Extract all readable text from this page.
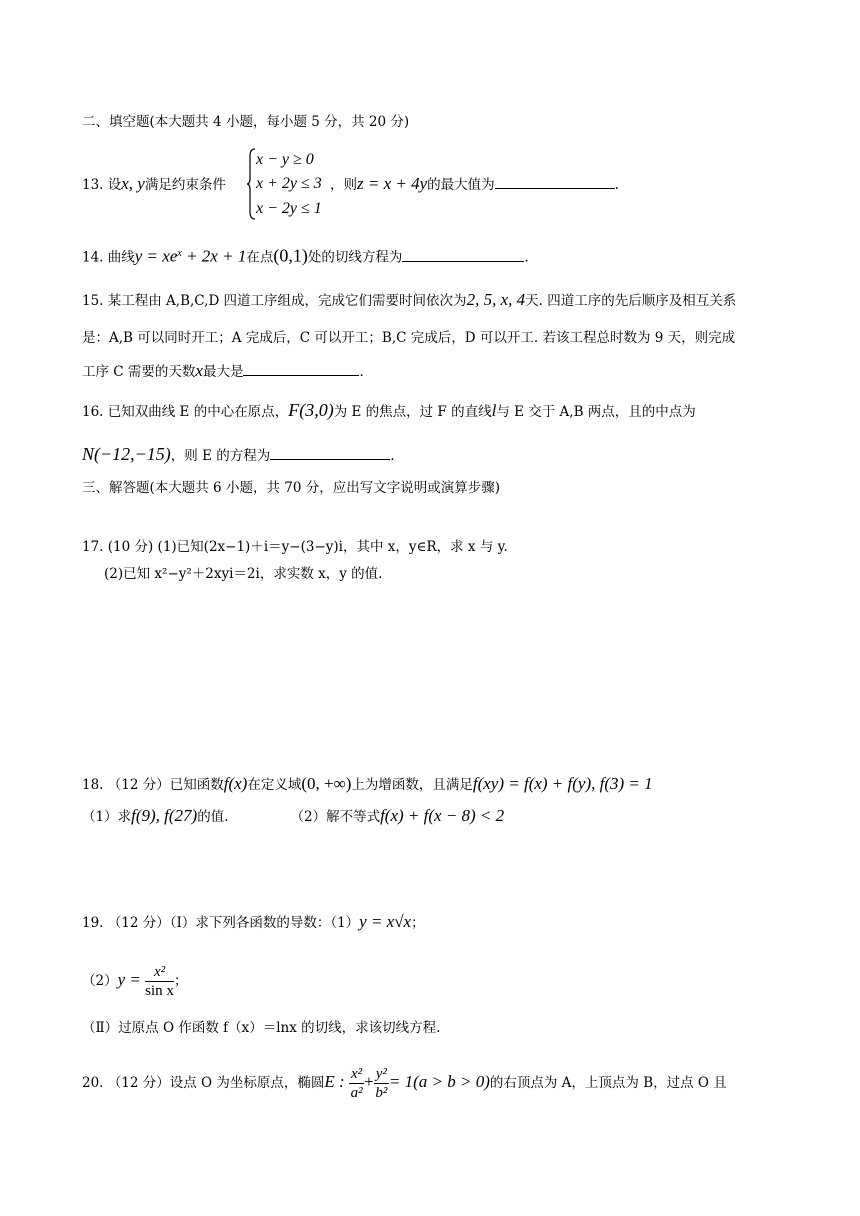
二、填空题(本大题共 4 小题，每小题 5 分，共 20 分)
13. 设x, y满足约束条件
x − y ≥ 0
x + 2y ≤ 3
x − 2y ≤ 1
，则z = x + 4y的最大值为	.
14. 曲线$y = xe^x + 2x + 1$在点(0,1)处的切线方程为	.
15. 某工程由 A,B,C,D 四道工序组成，完成它们需要时间依次为2, 5, x, 4天. 四道工序的先后顺序及相互关系
是：A,B 可以同时开工；A 完成后，C 可以开工；B,C 完成后，D 可以开工. 若该工程总时数为 9 天，则完成
工序 C 需要的天数x最大是	.
16. 已知双曲线 E 的中心在原点，F(3,0)为 E 的焦点，过 F 的直线l与 E 交于 A,B 两点，且的中点为
N(−12,−15)，则 E 的方程为	.
三、解答题(本大题共 6 小题，共 70 分，应出写文字说明或演算步骤)
17. (10 分) (1)已知(2x−1)＋i＝y−(3−y)i，其中 x，y∈R，求 x 与 y.
(2)已知 x²−y²＋2xyi＝2i，求实数 x，y 的值.
18. （12 分）已知函数f(x)在定义域(0, +∞)上为增函数，且满足f(xy) = f(x) + f(y), f(3) = 1
（1）求f(9), f(27)的值.	（2）解不等式f(x) + f(x − 8) < 2
19. （12 分）（Ⅰ）求下列各函数的导数：（1）y = x√x；
$(2)y = \frac{\text{x²}}{\text{sin x}}$ ；
（Ⅱ）过原点 O 作函数 f（x）＝lnx 的切线，求该切线方程.
20. （12 分）设点 O 为坐标原点，椭圆E : $\frac{\text{x²}}{\text{a²}} + \frac{\text{y²}}{\text{b²}} = 1(a > b > 0)$的右顶点为 A，上顶点为 B，过点 O 且
